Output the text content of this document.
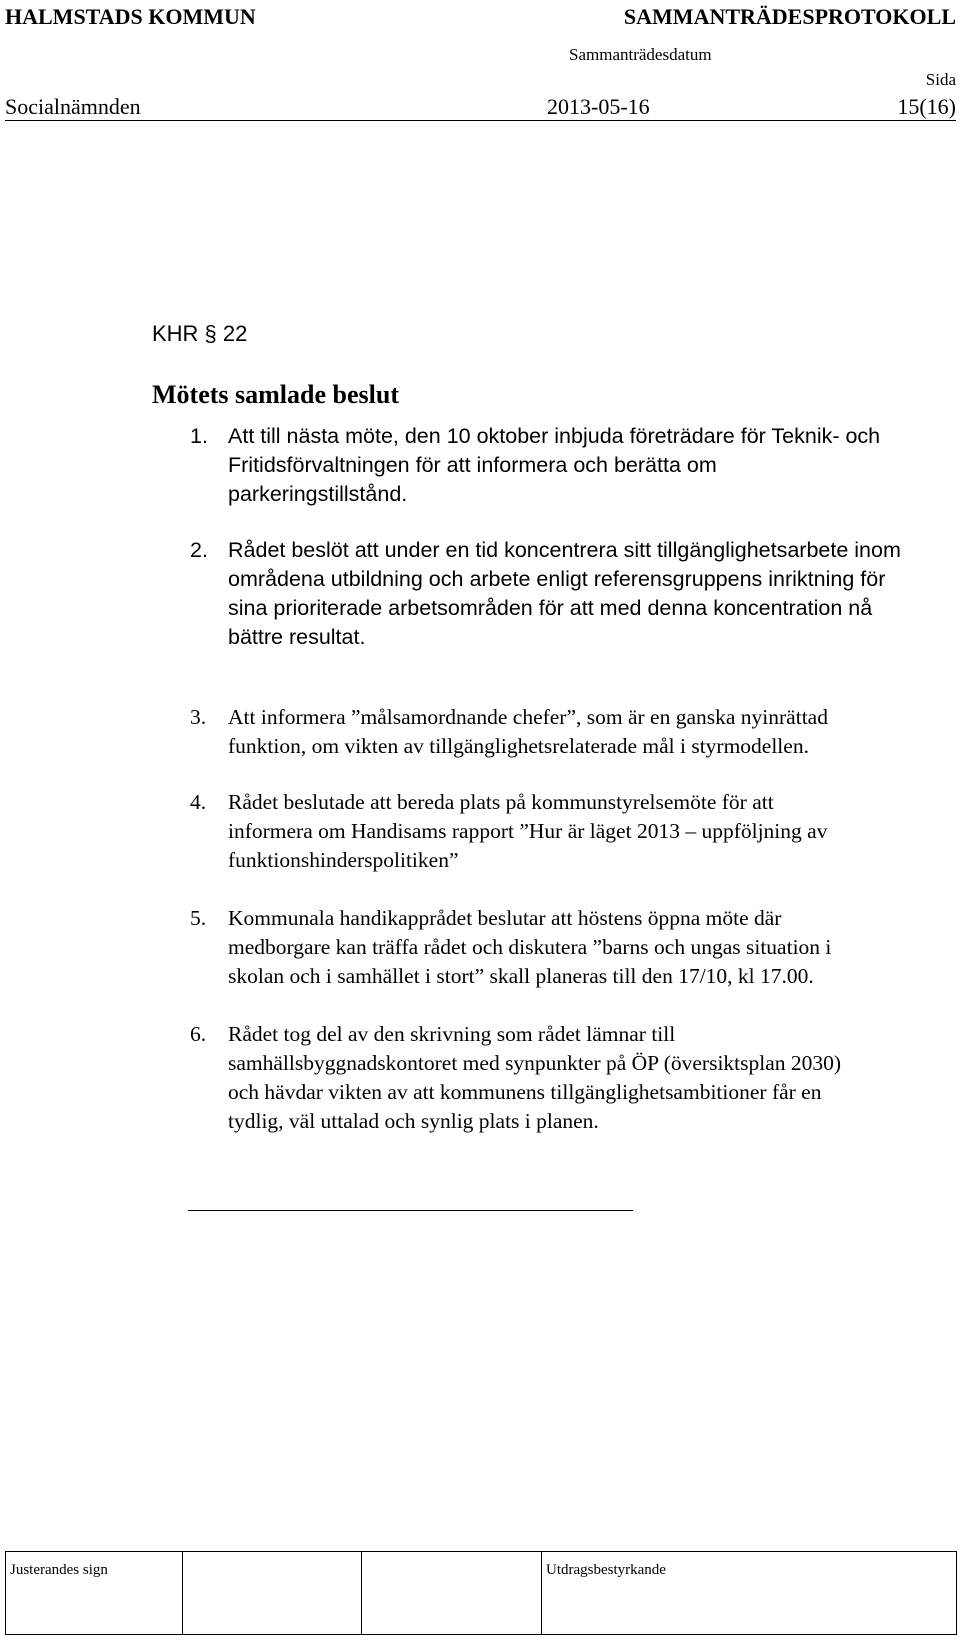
HALMSTADS KOMMUN	SAMMANTRÄDESPROTOKOLL
Sammanträdesdatum
Sida
Socialnämnden	2013-05-16	15(16)
KHR § 22
Mötets samlade beslut
1. Att till nästa möte, den 10 oktober inbjuda företrädare för Teknik- och
Fritidsförvaltningen för att informera och berätta om
parkeringstillstånd.
2. Rådet beslöt att under en tid koncentrera sitt tillgänglighetsarbete inom
områdena utbildning och arbete enligt referensgruppens inriktning för
sina prioriterade arbetsområden för att med denna koncentration nå
bättre resultat.
3. Att informera ”målsamordnande chefer”, som är en ganska nyinrättad
funktion, om vikten av tillgänglighetsrelaterade mål i styrmodellen.
4. Rådet beslutade att bereda plats på kommunstyrelsemöte för att
informera om Handisams rapport ”Hur är läget 2013 – uppföljning av
funktionshinderspolitiken”
5. Kommunala handikapprådet beslutar att höstens öppna möte där
medborgare kan träffa rådet och diskutera ”barns och ungas situation i
skolan och i samhället i stort” skall planeras till den 17/10, kl 17.00.
6. Rådet tog del av den skrivning som rådet lämnar till
samhällsbyggnadskontoret med synpunkter på ÖP (översiktsplan 2030)
och hävdar vikten av att kommunens tillgänglighetsambitioner får en
tydlig, väl uttalad och synlig plats i planen.
Justerandes sign	Utdragsbestyrkande
